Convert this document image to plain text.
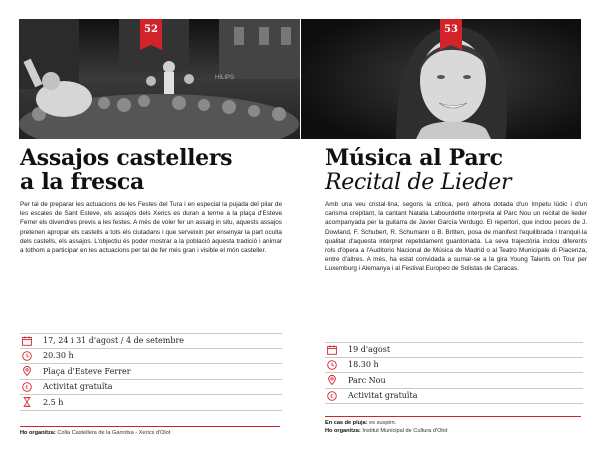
HILIPS
52
Assajos castellers
a la fresca

Per tal de preparar les actuacions de les Festes del Tura i en especial la pujada del pilar de les escales de Sant Esteve, els assajos dels Xerics es duran a terme a la plaça d'Esteve Ferrer els divendres previs a les festes. A més de voler fer un assaig in situ, aquests assajos pretenen apropar els castells a tots els ciutadans i que serveixin per ensenyar la part oculta dels castells, els assajos. L'objectiu és poder mostrar a la població aquesta tradició i animar a tothom a participar en les actuacions per tal de fer més gran i visible el món casteller.

17, 24 i 31 d'agost / 4 de setembre
20.30 h
Plaça d'Esteve Ferrer
€ Activitat gratuïta
2.5 h
Ho organitza: Colla Castellera de la Garrotxa - Xerics d'Olot
53
Música al Parc
Recital de Lieder

Amb una veu cristal·lina, segons la crítica, però alhora dotada d'un ímpetu lúdic i d'un carisma crepitant, la cantant Natalia Labourdette interpreta al Parc Nou un recital de lieder acompanyada per la guitarra de Javier García Verdugo. El repertori, que inclou peces de J. Dowland, F. Schubert, R. Schumann o B. Britten, posa de manifest l'equilibrada i tranquil·la qualitat d'aquesta intèrpret repetidament guardonada. La seva trajectòria inclou diferents rols d'òpera a l'Auditorio Nacional de Música de Madrid o al Teatro Municipale di Piacenza, entre d'altres. A més, ha estat convidada a sumar-se a la gira Young Talents on Tour per Luxemburg i Alemanya i al Festival Europeo de Solistas de Caracas.

19 d'agost
18.30 h
Parc Nou
€ Activitat gratuïta
En cas de pluja: es suspèn.
Ho organitza: Institut Municipal de Cultura d'Olot
